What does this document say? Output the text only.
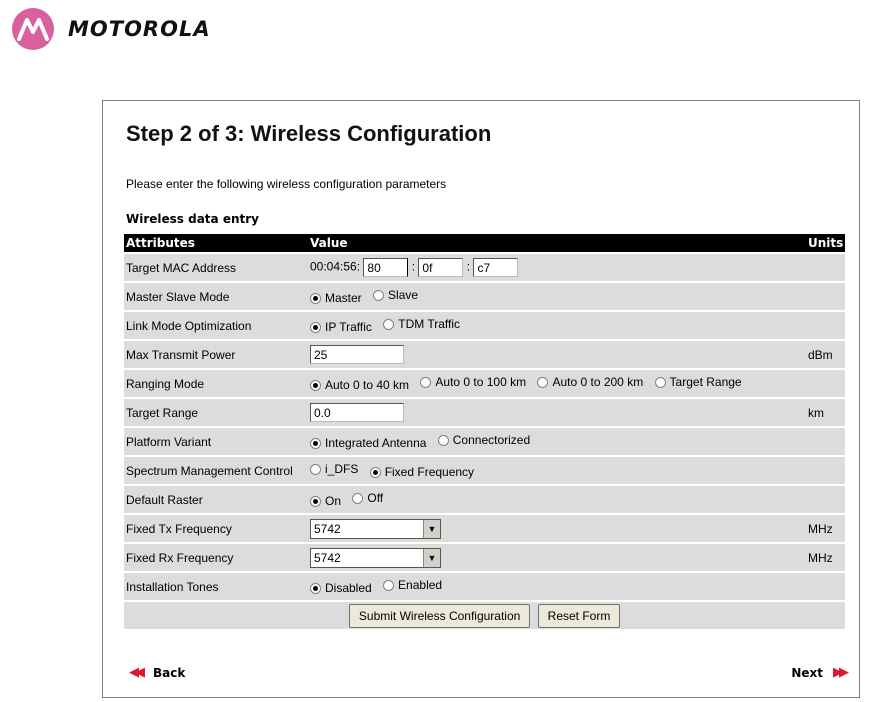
MOTOROLA
Step 2 of 3: Wireless Configuration
Please enter the following wireless configuration parameters
Wireless data entry
Attributes	Value	Units
Target MAC Address	00:04:56: 80 : 0f : c7	
Master Slave Mode	Master
Slave	

Link Mode Optimization	IP Traffic
TDM Traffic	

Max Transmit Power	25	dBm
Ranging Mode	Auto 0 to 40 km
Auto 0 to 100 km
Auto 0 to 200 km
Target Range	

Target Range	0.0	km
Platform Variant	Integrated Antenna
Connectorized	

Spectrum Management Control	i_DFS
Fixed Frequency	

Default Raster	On
Off	

Fixed Tx Frequency	5742 ▼	MHz
Fixed Rx Frequency	5742 ▼	MHz
Installation Tones	Disabled
Enabled	

Submit Wireless Configuration Reset Form		
◀◀ Back	Next ▶▶
